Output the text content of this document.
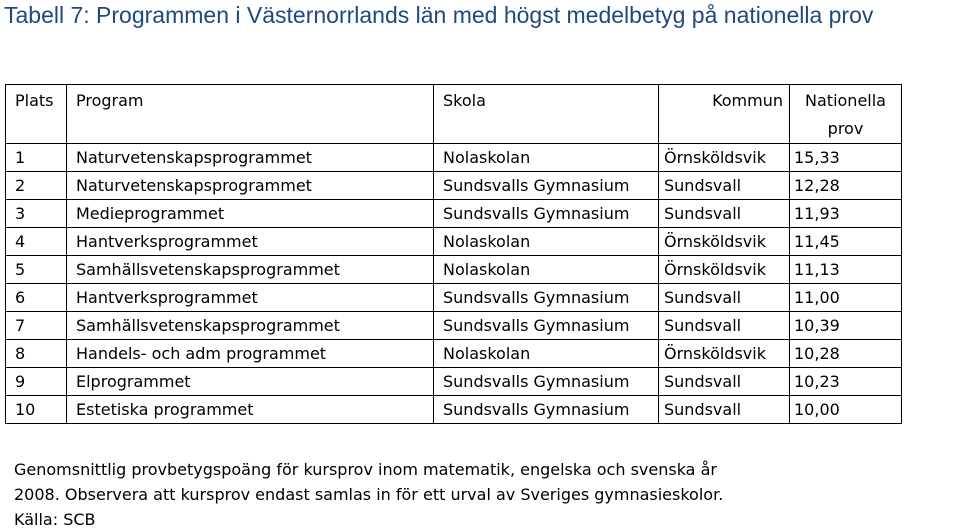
Tabell 7: Programmen i Västernorrlands län med högst medelbetyg på nationella prov
Plats	Program	Skola	Kommun	Nationella prov
1	Naturvetenskapsprogrammet	Nolaskolan	Örnsköldsvik	15,33
2	Naturvetenskapsprogrammet	Sundsvalls Gymnasium	Sundsvall	12,28
3	Medieprogrammet	Sundsvalls Gymnasium	Sundsvall	11,93
4	Hantverksprogrammet	Nolaskolan	Örnsköldsvik	11,45
5	Samhällsvetenskapsprogrammet	Nolaskolan	Örnsköldsvik	11,13
6	Hantverksprogrammet	Sundsvalls Gymnasium	Sundsvall	11,00
7	Samhällsvetenskapsprogrammet	Sundsvalls Gymnasium	Sundsvall	10,39
8	Handels- och adm programmet	Nolaskolan	Örnsköldsvik	10,28
9	Elprogrammet	Sundsvalls Gymnasium	Sundsvall	10,23
10	Estetiska programmet	Sundsvalls Gymnasium	Sundsvall	10,00

Genomsnittlig provbetygspoäng för kursprov inom matematik, engelska och svenska år

2008. Observera att kursprov endast samlas in för ett urval av Sveriges gymnasieskolor.

Källa: SCB
